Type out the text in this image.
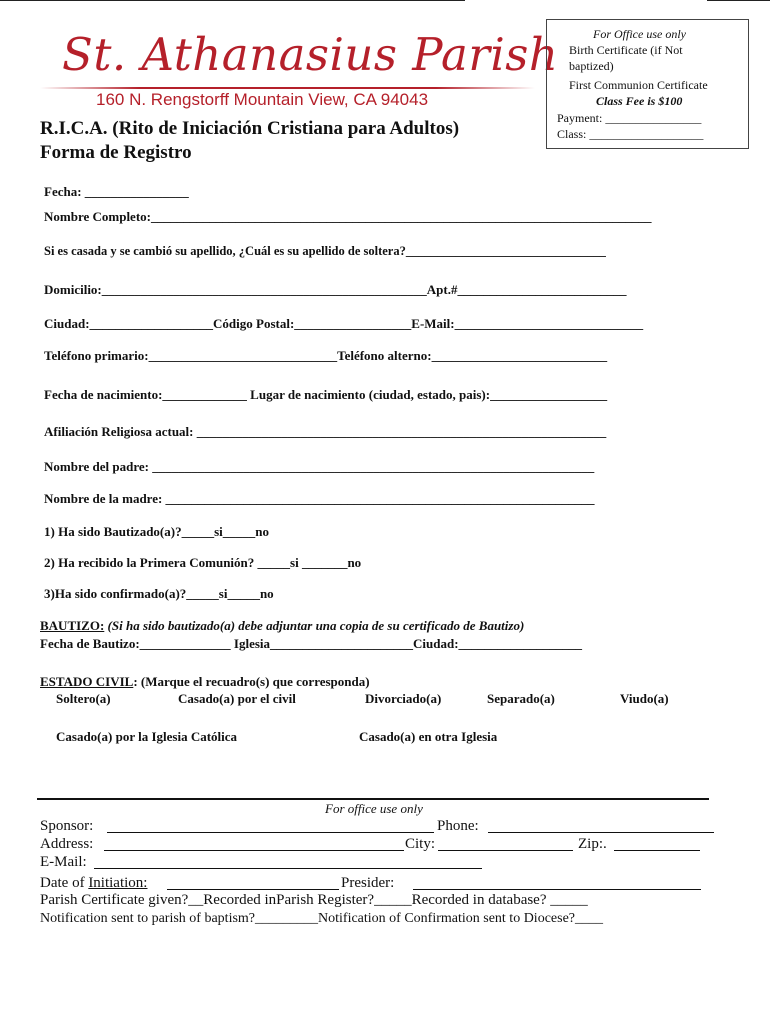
St. Athanasius Parish
160 N. Rengstorff Mountain View, CA 94043
For Office use only
Birth Certificate (if Not
baptized)
First Communion Certificate
Class Fee is $100
Payment: ________________
Class: ___________________
R.I.C.A. (Rito de Iniciación Cristiana para Adultos)
Forma de Registro
Fecha: ________________
Nombre Completo:_____________________________________________________________________________
Si es casada y se cambió su apellido, ¿Cuál es su apellido de soltera?________________________________
Domicilio:__________________________________________________Apt.#__________________________
Ciudad:___________________Código Postal:__________________E-Mail:_____________________________
Teléfono primario:_____________________________Teléfono alterno:___________________________
Fecha de nacimiento:_____________ Lugar de nacimiento (ciudad, estado, pais):__________________
Afiliación Religiosa actual: _______________________________________________________________
Nombre del padre: ____________________________________________________________________
Nombre de la madre: __________________________________________________________________
1) Ha sido Bautizado(a)?_____si_____no
2) Ha recibido la Primera Comunión? _____si _______no
3)Ha sido confirmado(a)?_____si_____no
BAUTIZO: (Si ha sido bautizado(a) debe adjuntar una copia de su certificado de Bautizo)
Fecha de Bautizo:______________ Iglesia______________________Ciudad:___________________
ESTADO CIVIL: (Marque el recuadro(s) que corresponda)
Soltero(a)	Casado(a) por el civil	Divorciado(a)	Separado(a)	Viudo(a)
Casado(a) por la Iglesia Católica	Casado(a) en otra Iglesia
For office use only
Sponsor:	Phone:
Address:	City:	Zip:.
E-Mail:
Date of Initiation:	Presider:
Parish Certificate given?__Recorded inParish Register?_____Recorded in database? _____
Notification sent to parish of baptism?_________Notification of Confirmation sent to Diocese?____
